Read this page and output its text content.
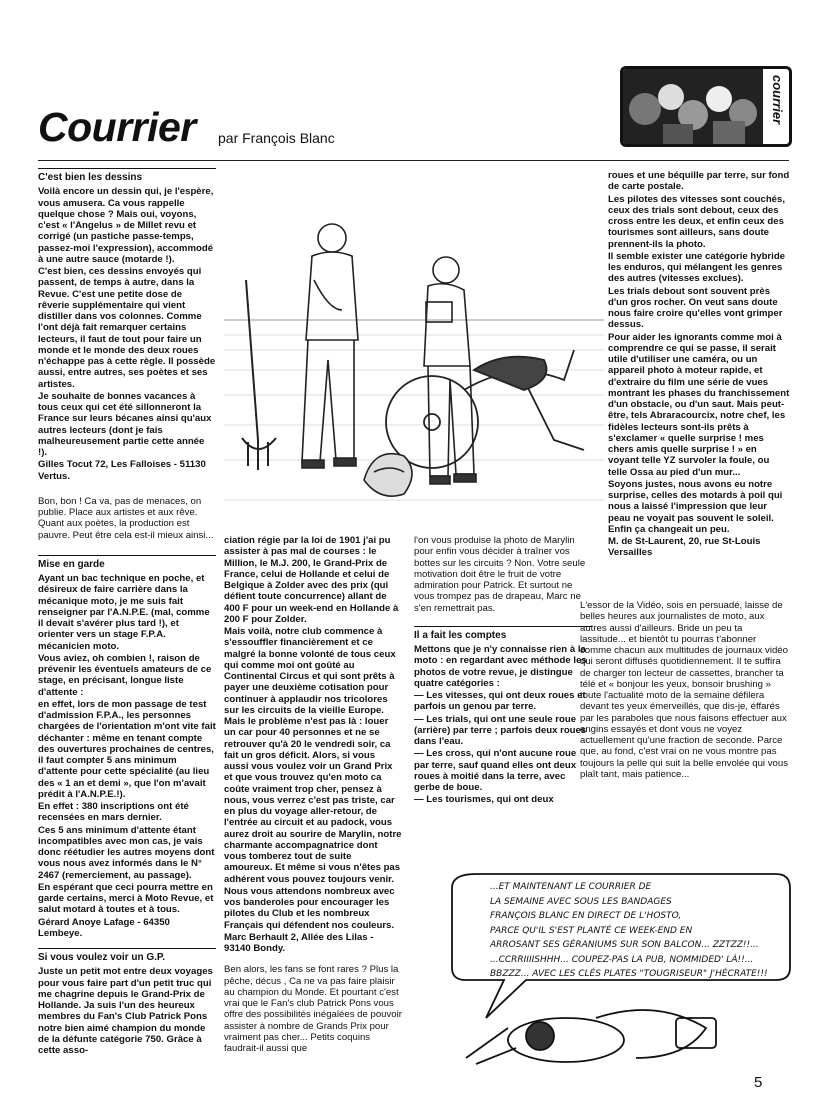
Courrier par François Blanc
courrier
C'est bien les dessins

Voilà encore un dessin qui, je l'espère, vous amusera. Ca vous rappelle quelque chose ? Mais oui, voyons, c'est « l'Angelus » de Millet revu et corrigé (un pastiche passe-temps, passez-moi l'expression), accommodé à une autre sauce (motarde !).

C'est bien, ces dessins envoyés qui passent, de temps à autre, dans la Revue. C'est une petite dose de rêverie supplémentaire qui vient distiller dans vos colonnes. Comme l'ont déjà fait remarquer certains lecteurs, il faut de tout pour faire un monde et le monde des deux roues n'échappe pas à cette règle. Il possède aussi, entre autres, ses poètes et ses artistes.

Je souhaite de bonnes vacances à tous ceux qui cet été sillonneront la France sur leurs bécanes ainsi qu'aux autres lecteurs (dont je fais malheureusement partie cette année !).

Gilles Tocut 72, Les Falloises - 51130 Vertus.

Bon, bon ! Ca va, pas de menaces, on publie. Place aux artistes et aux rêve. Quant aux poètes, la production est pauvre. Peut être cela est-il mieux ainsi...

Mise en garde

Ayant un bac technique en poche, et désireux de faire carrière dans la mécanique moto, je me suis fait renseigner par l'A.N.P.E. (mal, comme il devait s'avérer plus tard !), et orienter vers un stage F.P.A. mécanicien moto.

Vous aviez, oh combien !, raison de prévenir les éventuels amateurs de ce stage, en précisant, longue liste d'attente :

en effet, lors de mon passage de test d'admission F.P.A., les personnes chargées de l'orientation m'ont vite fait déchanter : même en tenant compte des ouvertures prochaines de centres, il faut compter 5 ans minimum d'attente pour cette spécialité (au lieu des « 1 an et demi », que l'on m'avait prédit à l'A.N.P.E.!).

En effet : 380 inscriptions ont été recensées en mars dernier.

Ces 5 ans minimum d'attente étant incompatibles avec mon cas, je vais donc réétudier les autres moyens dont vous nous avez informés dans le N° 2467 (remerciement, au passage).

En espérant que ceci pourra mettre en garde certains, merci à Moto Revue, et salut motard à toutes et à tous.

Gérard Anoye Lafage - 64350 Lembeye.

Si vous voulez voir un G.P.

Juste un petit mot entre deux voyages pour vous faire part d'un petit truc qui me chagrine depuis le Grand-Prix de Hollande. Ja suis l'un des heureux membres du Fan's Club Patrick Pons notre bien aimé champion du monde de la défunte catégorie 750. Grâce à cette asso-

ciation régie par la loi de 1901 j'ai pu assister à pas mal de courses : le Million, le M.J. 200, le Grand-Prix de France, celui de Hollande et celui de Belgique à Zolder avec des prix (qui défient toute concurrence) allant de 400 F pour un week-end en Hollande à 200 F pour Zolder.

Mais voilà, notre club commence à s'essouffler financièrement et ce malgré la bonne volonté de tous ceux qui comme moi ont goûté au Continental Circus et qui sont prêts à payer une deuxième cotisation pour continuer à applaudir nos tricolores sur les circuits de la vieille Europe. Mais le problème n'est pas là : louer un car pour 40 personnes et ne se retrouver qu'à 20 le vendredi soir, ca fait un gros déficit. Alors, si vous aussi vous voulez voir un Grand Prix et que vous trouvez qu'en moto ca coûte vraiment trop cher, pensez à nous, vous verrez c'est pas triste, car en plus du voyage aller-retour, de l'entrée au circuit et au padock, vous aurez droit au sourire de Marylin, notre charmante accompagnatrice dont vous tomberez tout de suite amoureux. Et même si vous n'êtes pas adhérent vous pouvez toujours venir.

Nous vous attendons nombreux avec vos banderoles pour encourager les pilotes du Club et les nombreux Français qui défendent nos couleurs.

Marc Berhault 2, Allée des Lilas - 93140 Bondy.

Ben alors, les fans se font rares ? Plus la pêche, décus , Ca ne va pas faire plaisir au champion du Monde. Et pourtant c'est vrai que le Fan's club Patrick Pons vous offre des possibilités inégalées de pouvoir assister à nombre de Grands Prix pour vraiment pas cher... Petits coquins faudrait-il aussi que

l'on vous produise la photo de Marylin pour enfin vous décider à traîner vos bottes sur les circuits ? Non. Votre seule motivation doit être le fruit de votre admiration pour Patrick. Et surtout ne vous trompez pas de drapeau, Marc ne s'en remettrait pas.

Il a fait les comptes

Mettons que je n'y connaisse rien à la moto : en regardant avec méthode les photos de votre revue, je distingue quatre catégories :

— Les vitesses, qui ont deux roues et parfois un genou par terre.

— Les trials, qui ont une seule roue (arrière) par terre ; parfois deux roues dans l'eau.

— Les cross, qui n'ont aucune roue par terre, sauf quand elles ont deux roues à moitié dans la terre, avec gerbe de boue.

— Les tourismes, qui ont deux

roues et une béquille par terre, sur fond de carte postale.

Les pilotes des vitesses sont couchés, ceux des trials sont debout, ceux des cross entre les deux, et enfin ceux des tourismes sont ailleurs, sans doute prennent-ils la photo.

Il semble exister une catégorie hybride les enduros, qui mélangent les genres des autres (vitesses exclues).

Les trials debout sont souvent près d'un gros rocher. On veut sans doute nous faire croire qu'elles vont grimper dessus.

Pour aider les ignorants comme moi à comprendre ce qui se passe, il serait utile d'utiliser une caméra, ou un appareil photo à moteur rapide, et d'extraire du film une série de vues montrant les phases du franchissement d'un obstacle, ou d'un saut. Mais peut-être, tels Abraracourcix, notre chef, les fidèles lecteurs sont-ils prêts à s'exclamer « quelle surprise ! mes chers amis quelle surprise ! » en voyant telle YZ survoler la foule, ou telle Ossa au pied d'un mur...

Soyons justes, nous avons eu notre surprise, celles des motards à poil qui nous a laissé l'impression que leur peau ne voyait pas souvent le soleil. Enfin ça changeait un peu.

M. de St-Laurent, 20, rue St-Louis Versailles

L'essor de la Vidéo, sois en persuadé, laisse de belles heures aux journalistes de moto, aux autres aussi d'ailleurs. Bride un peu ta lassitude... et bientôt tu pourras t'abonner comme chacun aux multitudes de journaux vidéo qui seront diffusés quotidiennement. Il te suffira de charger ton lecteur de cassettes, brancher ta télé et « bonjour les yeux, bonsoir brushing » toute l'actualité moto de la semaine défilera devant tes yeux émerveillés, que dis-je, éffarés par les paraboles que nous faisons effectuer aux engins essayés et dont vous ne voyez actuellement qu'une fraction de seconde. Parce que, au fond, c'est vrai on ne vous montre pas toujours la pelle qui suit la belle envolée qui vous plaît tant, mais patience...

...ET MAINTENANT LE COURRIER DE
LA SEMAINE AVEC SOUS LES BANDAGES
FRANÇOIS BLANC EN DIRECT DE L'HOSTO,
PARCE QU'IL S'EST PLANTÉ CE WEEK-END EN
ARROSANT SES GÉRANIUMS SUR SON BALCON... ZZTZZ!!...
...CCRRIIIISHHH... COUPEZ-PAS LA PUB, NOMMIDED' LÀ!!...
BBZZZ... AVEC LES CLÉS PLATES "TOUGRISEUR" J'HÉCRATE!!!
5
